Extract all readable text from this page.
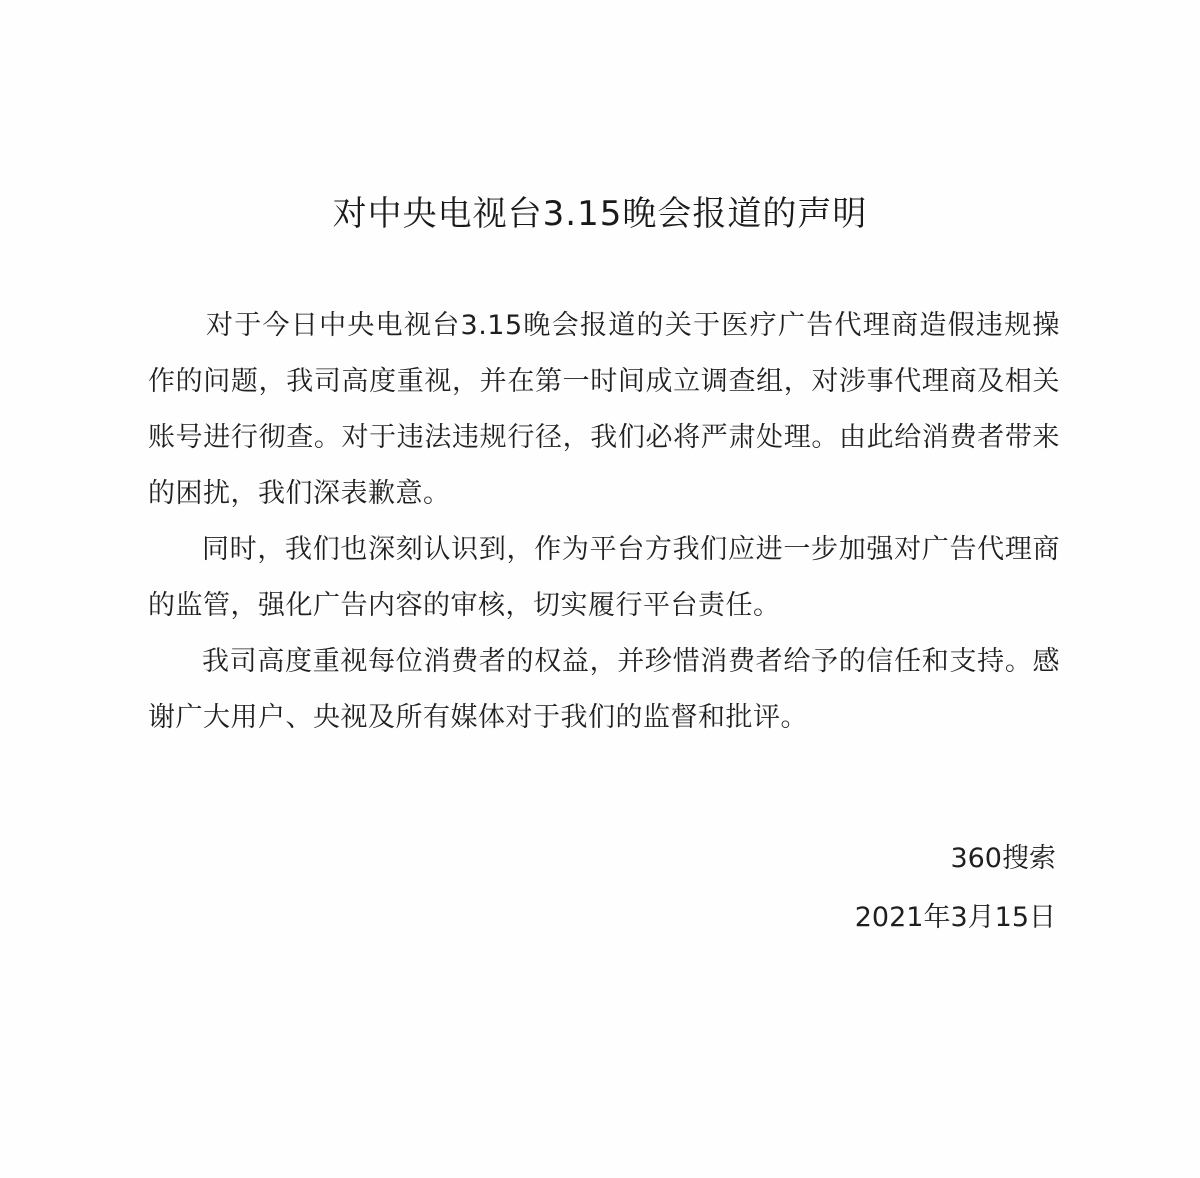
对中央电视台3.15晚会报道的声明

对于今日中央电视台3.15晚会报道的关于医疗广告代理商造假违规操作的问题，我司高度重视，并在第一时间成立调查组，对涉事代理商及相关账号进行彻查。对于违法违规行径，我们必将严肃处理。由此给消费者带来的困扰，我们深表歉意。

同时，我们也深刻认识到，作为平台方我们应进一步加强对广告代理商的监管，强化广告内容的审核，切实履行平台责任。

我司高度重视每位消费者的权益，并珍惜消费者给予的信任和支持。感谢广大用户、央视及所有媒体对于我们的监督和批评。

360搜索

2021年3月15日
